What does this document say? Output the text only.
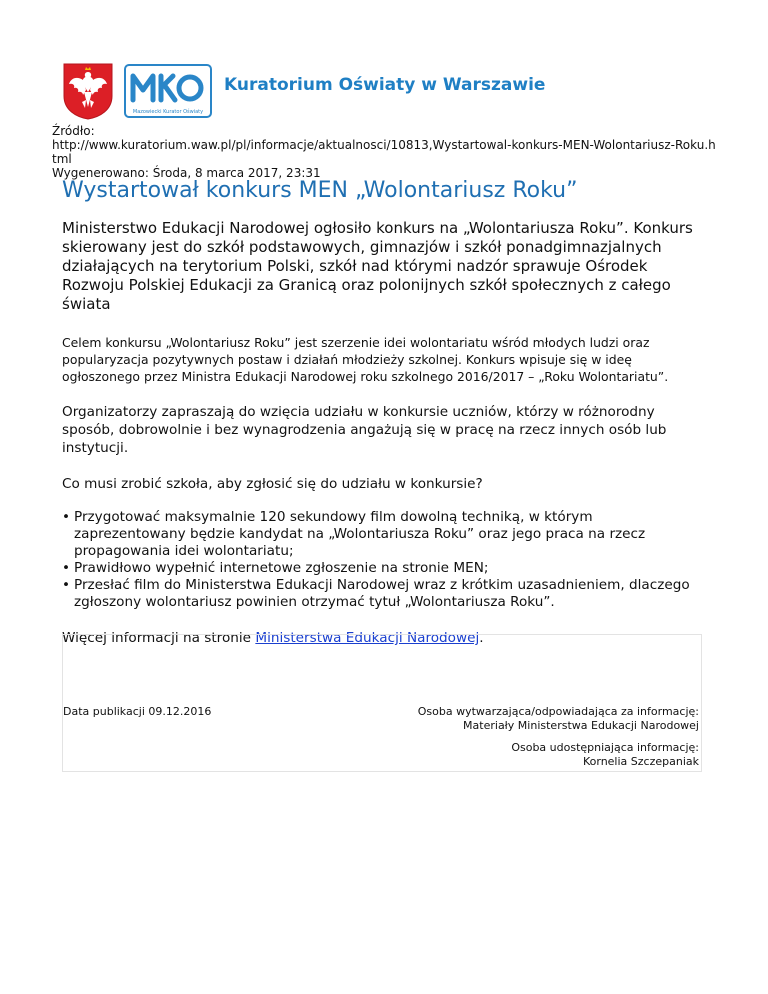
Mazowiecki Kurator Oświaty
Kuratorium Oświaty w Warszawie
Źródło:
http://www.kuratorium.waw.pl/pl/informacje/aktualnosci/10813,Wystartowal-konkurs-MEN-Wolontariusz-Roku.html
Wygenerowano: Środa, 8 marca 2017, 23:31
Wystartował konkurs MEN „Wolontariusz Roku”

Ministerstwo Edukacji Narodowej ogłosiło konkurs na „Wolontariusza Roku”. Konkurs skierowany jest do szkół podstawowych, gimnazjów i szkół ponadgimnazjalnych działających na terytorium Polski, szkół nad którymi nadzór sprawuje Ośrodek Rozwoju Polskiej Edukacji za Granicą oraz polonijnych szkół społecznych z całego świata

Celem konkursu „Wolontariusz Roku” jest szerzenie idei wolontariatu wśród młodych ludzi oraz popularyzacja pozytywnych postaw i działań młodzieży szkolnej. Konkurs wpisuje się w ideę ogłoszonego przez Ministra Edukacji Narodowej roku szkolnego 2016/2017 – „Roku Wolontariatu”.

Organizatorzy zapraszają do wzięcia udziału w konkursie uczniów, którzy w różnorodny sposób, dobrowolnie i bez wynagrodzenia angażują się w pracę na rzecz innych osób lub instytucji.

Co musi zrobić szkoła, aby zgłosić się do udziału w konkursie?

• Przygotować maksymalnie 120 sekundowy film dowolną techniką, w którym zaprezentowany będzie kandydat na „Wolontariusza Roku” oraz jego praca na rzecz propagowania idei wolontariatu;
• Prawidłowo wypełnić internetowe zgłoszenie na stronie MEN;
• Przesłać film do Ministerstwa Edukacji Narodowej wraz z krótkim uzasadnieniem, dlaczego zgłoszony wolontariusz powinien otrzymać tytuł „Wolontariusza Roku”.

Więcej informacji na stronie Ministerstwa Edukacji Narodowej.

Data publikacji 09.12.2016	Osoba wytwarzająca/odpowiadająca za informację:
Materiały Ministerstwa Edukacji Narodowej
Osoba udostępniająca informację:
Kornelia Szczepaniak
